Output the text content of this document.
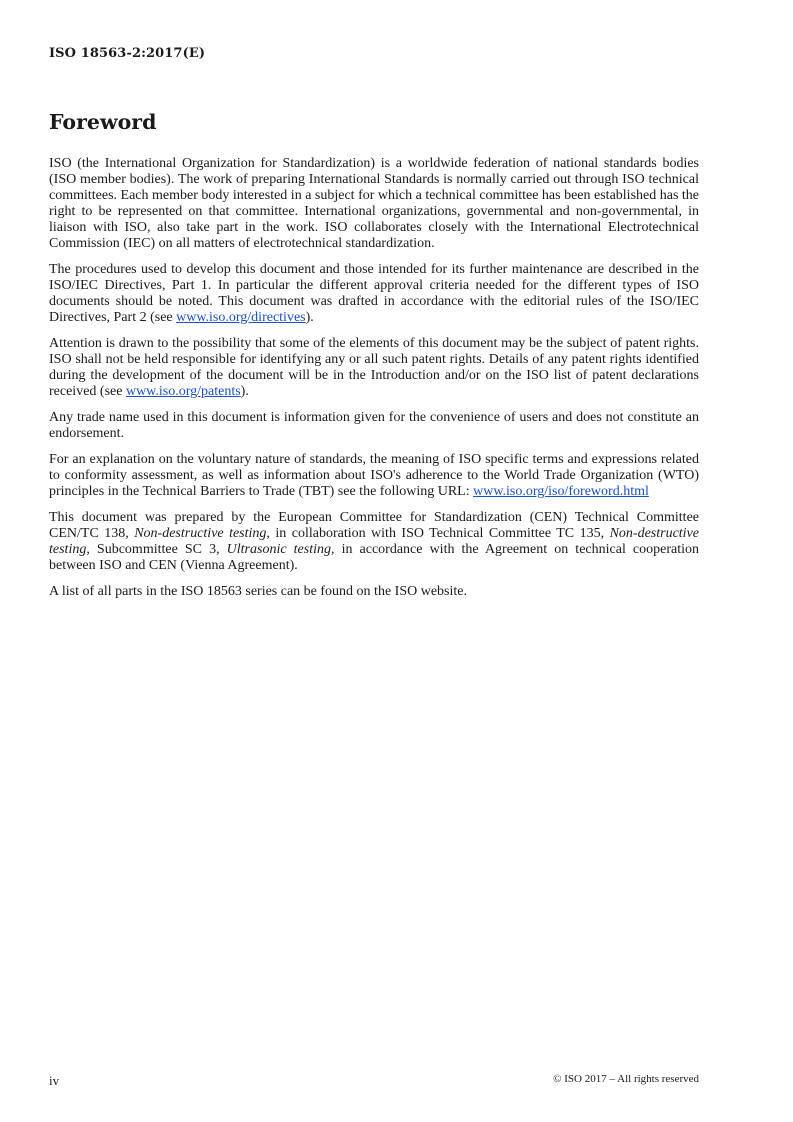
ISO 18563-2:2017(E)
Foreword

ISO (the International Organization for Standardization) is a worldwide federation of national standards bodies (ISO member bodies). The work of preparing International Standards is normally carried out through ISO technical committees. Each member body interested in a subject for which a technical committee has been established has the right to be represented on that committee. International organizations, governmental and non-governmental, in liaison with ISO, also take part in the work. ISO collaborates closely with the International Electrotechnical Commission (IEC) on all matters of electrotechnical standardization.

The procedures used to develop this document and those intended for its further maintenance are described in the ISO/IEC Directives, Part 1. In particular the different approval criteria needed for the different types of ISO documents should be noted. This document was drafted in accordance with the editorial rules of the ISO/IEC Directives, Part 2 (see www.iso.org/directives).

Attention is drawn to the possibility that some of the elements of this document may be the subject of patent rights. ISO shall not be held responsible for identifying any or all such patent rights. Details of any patent rights identified during the development of the document will be in the Introduction and/or on the ISO list of patent declarations received (see www.iso.org/patents).

Any trade name used in this document is information given for the convenience of users and does not constitute an endorsement.

For an explanation on the voluntary nature of standards, the meaning of ISO specific terms and expressions related to conformity assessment, as well as information about ISO's adherence to the World Trade Organization (WTO) principles in the Technical Barriers to Trade (TBT) see the following URL: www.iso.org/iso/foreword.html

This document was prepared by the European Committee for Standardization (CEN) Technical Committee CEN/TC 138, Non-destructive testing, in collaboration with ISO Technical Committee TC 135, Non-destructive testing, Subcommittee SC 3, Ultrasonic testing, in accordance with the Agreement on technical cooperation between ISO and CEN (Vienna Agreement).

A list of all parts in the ISO 18563 series can be found on the ISO website.

iv	© ISO 2017 – All rights reserved
